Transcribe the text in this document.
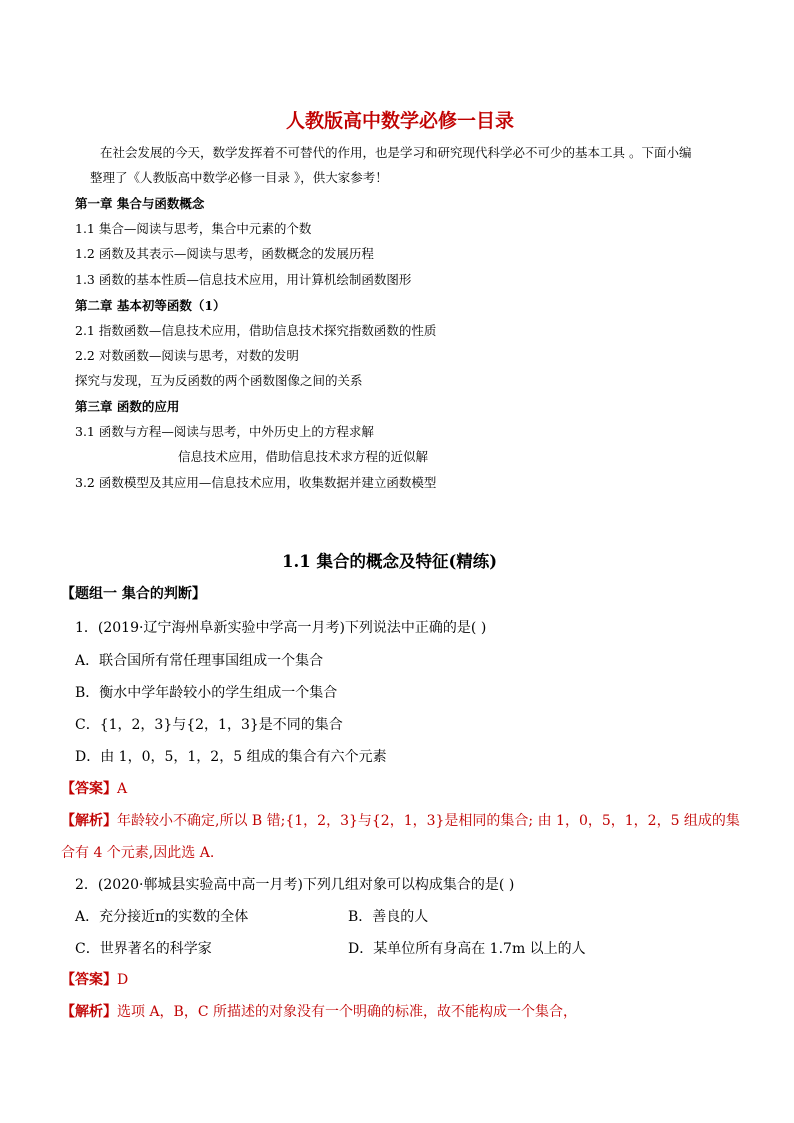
人教版高中数学必修一目录
在社会发展的今天，数学发挥着不可替代的作用，也是学习和研究现代科学必不可少的基本工具 。下面小编
整理了《人教版高中数学必修一目录 》，供大家参考！
第一章 集合与函数概念
1.1 集合—阅读与思考，集合中元素的个数
1.2 函数及其表示—阅读与思考，函数概念的发展历程
1.3 函数的基本性质—信息技术应用，用计算机绘制函数图形
第二章 基本初等函数（1）
2.1 指数函数—信息技术应用，借助信息技术探究指数函数的性质
2.2 对数函数—阅读与思考，对数的发明
探究与发现，互为反函数的两个函数图像之间的关系
第三章 函数的应用
3.1 函数与方程—阅读与思考，中外历史上的方程求解
信息技术应用，借助信息技术求方程的近似解
3.2 函数模型及其应用—信息技术应用，收集数据并建立函数模型
1.1 集合的概念及特征(精练)
【题组一 集合的判断】
1．(2019·辽宁海州阜新实验中学高一月考)下列说法中正确的是( )
A．联合国所有常任理事国组成一个集合
B．衡水中学年龄较小的学生组成一个集合
C．{1，2，3}与{2，1，3}是不同的集合
D．由 1，0，5，1，2，5 组成的集合有六个元素
【答案】A
【解析】年龄较小不确定,所以 B 错;{1，2，3}与{2，1，3}是相同的集合; 由 1，0，5，1，2，5 组成的集
合有 4 个元素,因此选 A.
2．(2020·郸城县实验高中高一月考)下列几组对象可以构成集合的是( )
A．充分接近π的实数的全体	B．善良的人
C．世界著名的科学家	D．某单位所有身高在 1.7m 以上的人
【答案】D
【解析】选项 A，B，C 所描述的对象没有一个明确的标准，故不能构成一个集合，
